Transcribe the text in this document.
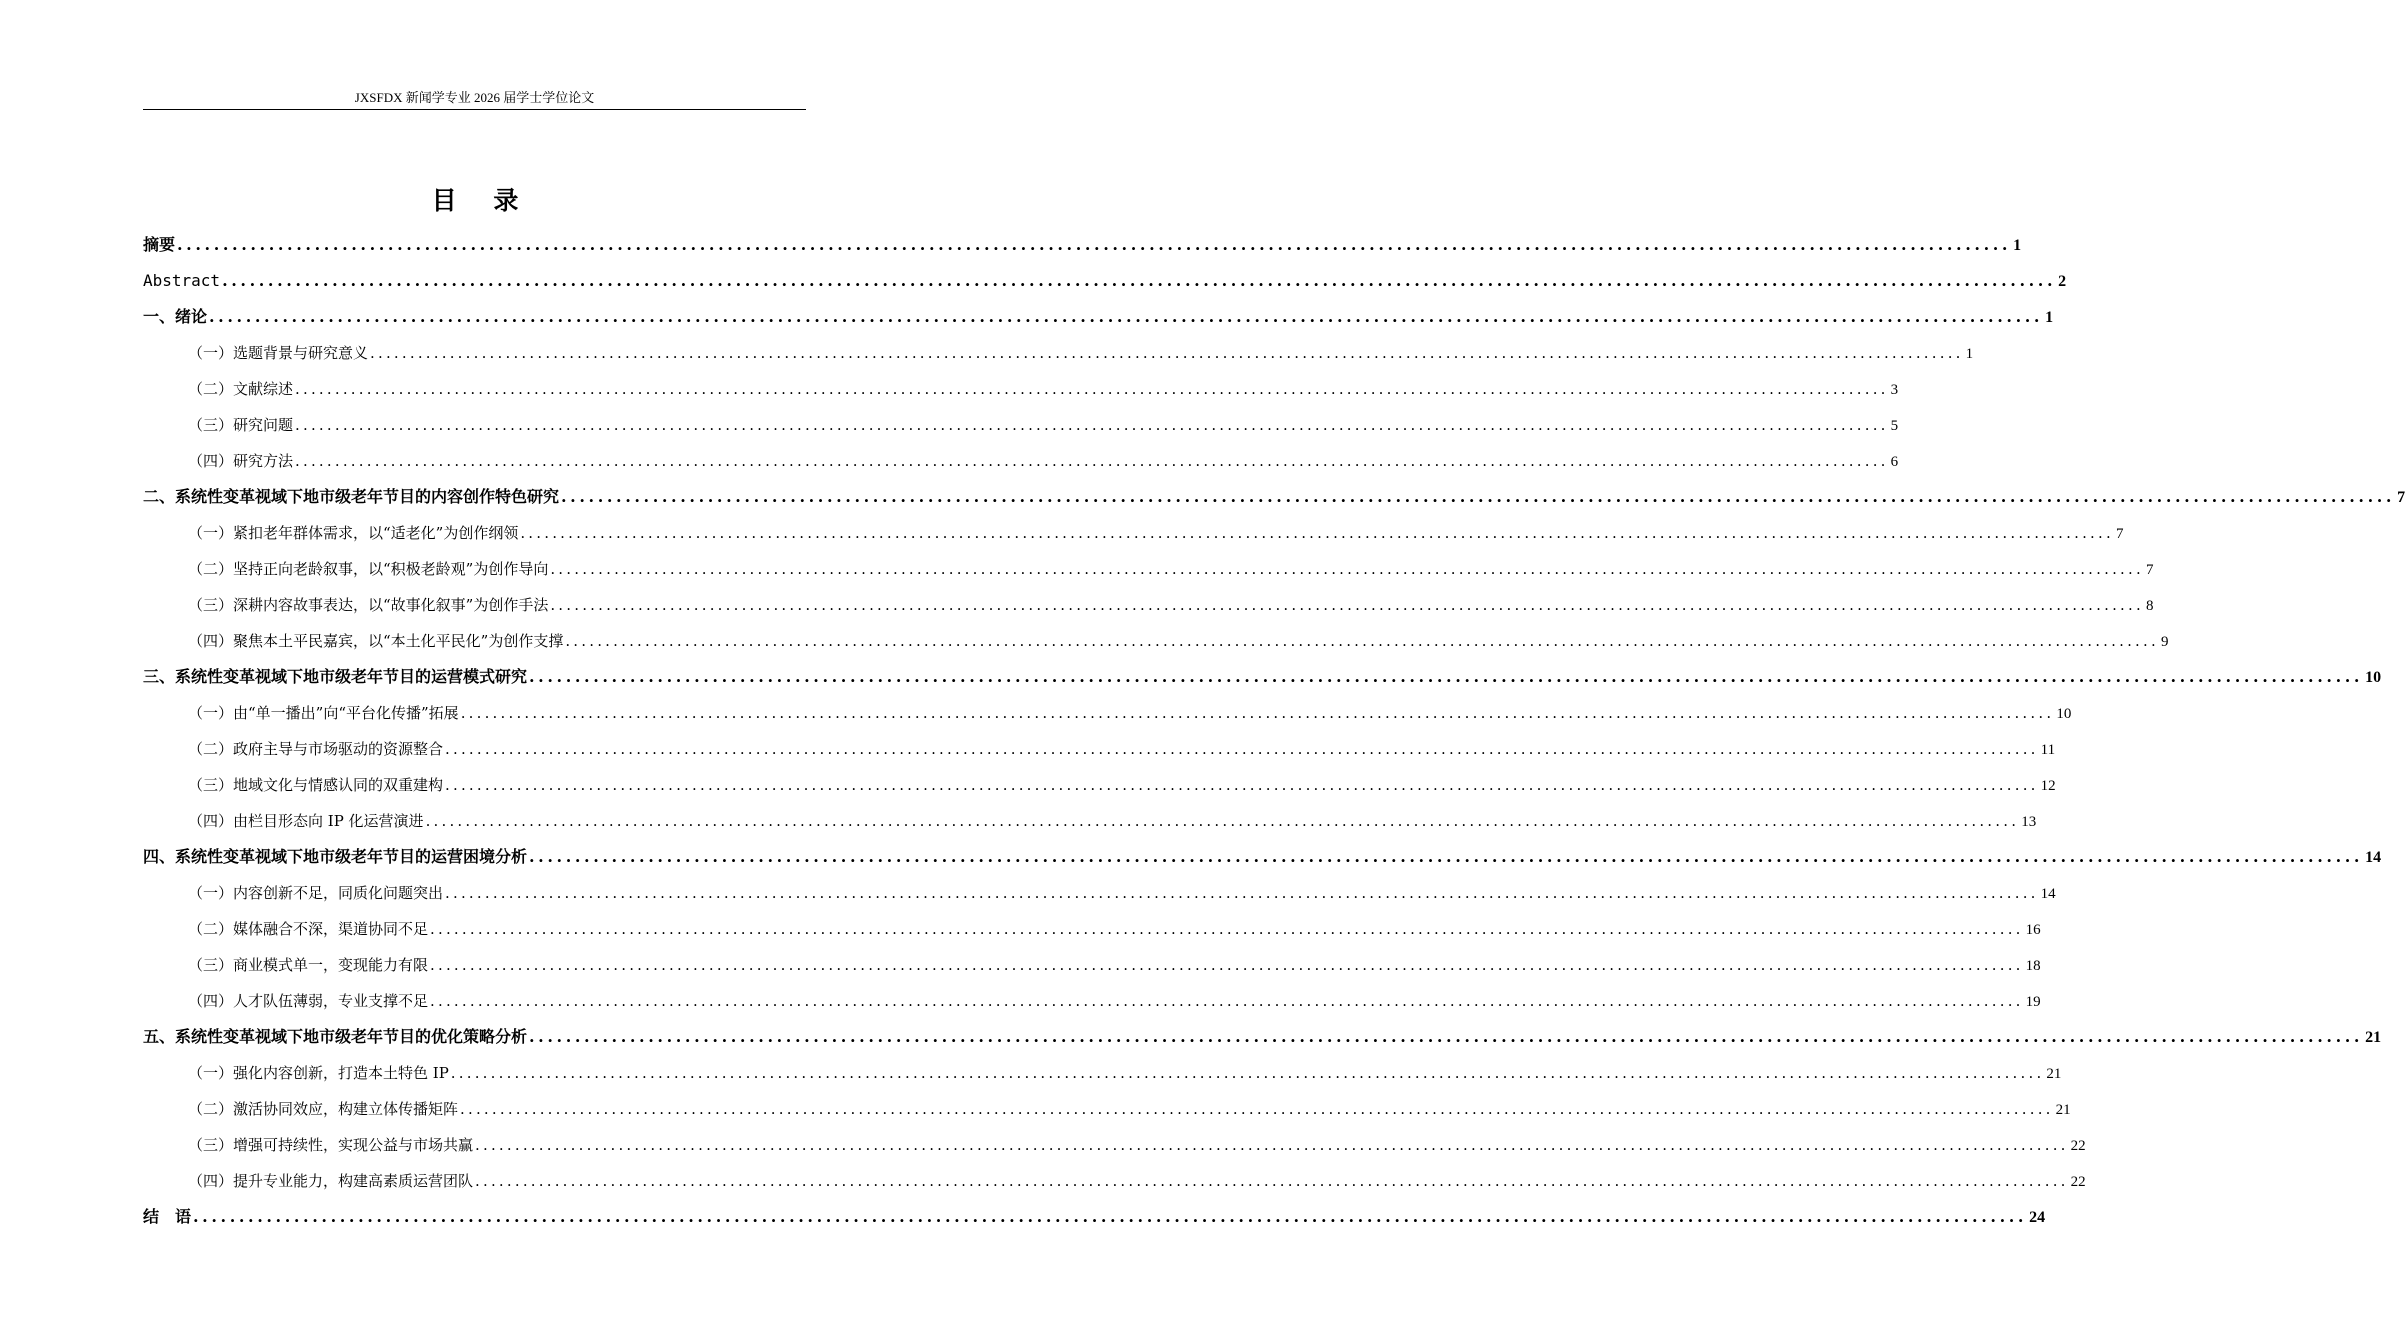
JXSFDX 新闻学专业 2026 届学士学位论文
目 录
摘要 ........................................................................................................................................................................................................ 1
Abstract ........................................................................................................................................................................................................ 2
一、绪论 ........................................................................................................................................................................................................ 1
（一）选题背景与研究意义 ........................................................................................................................................................................................................ 1
（二）文献综述 ........................................................................................................................................................................................................ 3
（三）研究问题 ........................................................................................................................................................................................................ 5
（四）研究方法 ........................................................................................................................................................................................................ 6
二、系统性变革视域下地市级老年节目的内容创作特色研究 ........................................................................................................................................................................................................ 7
（一）紧扣老年群体需求，以“适老化”为创作纲领 ........................................................................................................................................................................................................ 7
（二）坚持正向老龄叙事，以“积极老龄观”为创作导向 ........................................................................................................................................................................................................ 7
（三）深耕内容故事表达，以“故事化叙事”为创作手法 ........................................................................................................................................................................................................ 8
（四）聚焦本土平民嘉宾，以“本土化平民化”为创作支撑 ........................................................................................................................................................................................................ 9
三、系统性变革视域下地市级老年节目的运营模式研究 ........................................................................................................................................................................................................ 10
（一）由“单一播出”向“平台化传播”拓展 ........................................................................................................................................................................................................ 10
（二）政府主导与市场驱动的资源整合 ........................................................................................................................................................................................................ 11
（三）地域文化与情感认同的双重建构 ........................................................................................................................................................................................................ 12
（四）由栏目形态向 IP 化运营演进 ........................................................................................................................................................................................................ 13
四、系统性变革视域下地市级老年节目的运营困境分析 ........................................................................................................................................................................................................ 14
（一）内容创新不足，同质化问题突出 ........................................................................................................................................................................................................ 14
（二）媒体融合不深，渠道协同不足 ........................................................................................................................................................................................................ 16
（三）商业模式单一，变现能力有限 ........................................................................................................................................................................................................ 18
（四）人才队伍薄弱，专业支撑不足 ........................................................................................................................................................................................................ 19
五、系统性变革视域下地市级老年节目的优化策略分析 ........................................................................................................................................................................................................ 21
（一）强化内容创新，打造本土特色 IP ........................................................................................................................................................................................................ 21
（二）激活协同效应，构建立体传播矩阵 ........................................................................................................................................................................................................ 21
（三）增强可持续性，实现公益与市场共赢 ........................................................................................................................................................................................................ 22
（四）提升专业能力，构建高素质运营团队 ........................................................................................................................................................................................................ 22
结　语 ........................................................................................................................................................................................................ 24
